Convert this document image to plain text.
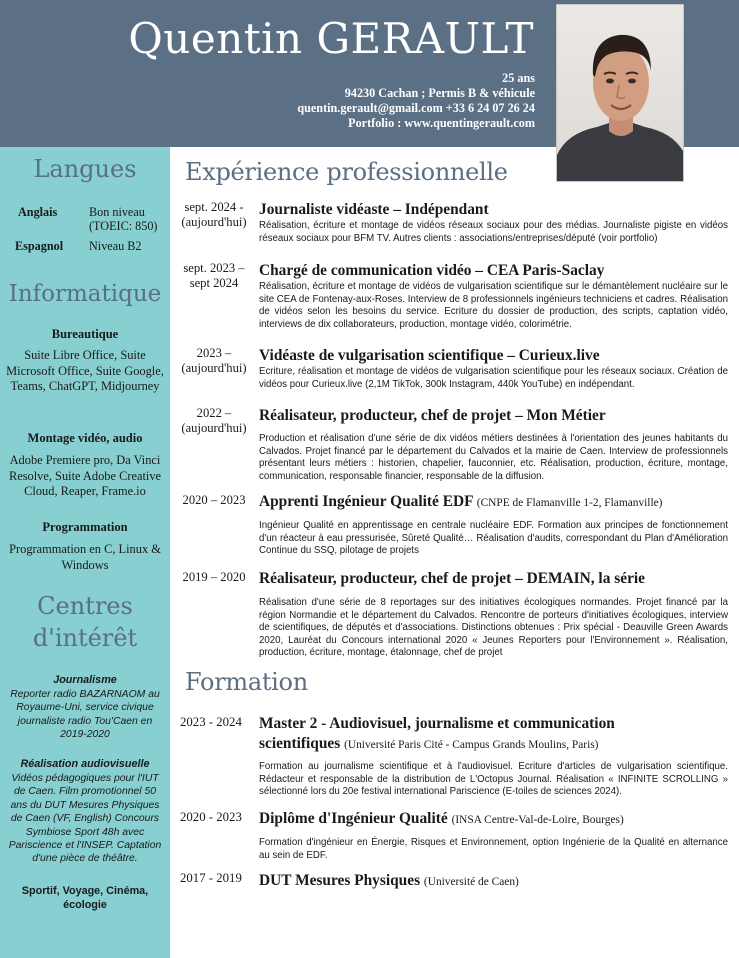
Quentin GERAULT
25 ans
94230 Cachan ; Permis B & véhicule
quentin.gerault@gmail.com +33 6 24 07 26 24
Portfolio : www.quentingerault.com
Langues
Anglais	Bon niveau (TOEIC: 850)
Espagnol Niveau B2
Informatique
Bureautique
Suite Libre Office, Suite Microsoft Office, Suite Google, Teams, ChatGPT, Midjourney
Montage vidéo, audio
Adobe Premiere pro, Da Vinci Resolve, Suite Adobe Creative Cloud, Reaper, Frame.io
Programmation
Programmation en C, Linux & Windows
Centres
d'intérêt
Journalisme
Reporter radio BAZARNAOM au Royaume-Uni, service civique journaliste radio Tou'Caen en 2019-2020
Réalisation audiovisuelle
Vidéos pédagogiques pour l'IUT de Caen. Film promotionnel 50 ans du DUT Mesures Physiques de Caen (VF, English) Concours Symbiose Sport 48h avec Pariscience et l'INSEP. Captation d'une pièce de théâtre.
Sportif, Voyage, Cinéma, écologie
Expérience professionnelle
sept. 2024 - (aujourd'hui)
Journaliste vidéaste – Indépendant
Réalisation, écriture et montage de vidéos réseaux sociaux pour des médias. Journaliste pigiste en vidéos réseaux sociaux pour BFM TV. Autres clients : associations/entreprises/député (voir portfolio)
sept. 2023 – sept 2024
Chargé de communication vidéo – CEA Paris-Saclay
Réalisation, écriture et montage de vidéos de vulgarisation scientifique sur le démantèlement nucléaire sur le site CEA de Fontenay-aux-Roses. Interview de 8 professionnels ingénieurs techniciens et cadres. Réalisation de vidéos selon les besoins du service. Ecriture du dossier de production, des scripts, captation vidéo, interviews de dix collaborateurs, production, montage vidéo, colorimétrie.
2023 – (aujourd'hui)
Vidéaste de vulgarisation scientifique – Curieux.live
Ecriture, réalisation et montage de vidéos de vulgarisation scientifique pour les réseaux sociaux. Création de vidéos pour Curieux.live (2,1M TikTok, 300k Instagram, 440k YouTube) en indépendant.
2022 – (aujourd'hui)
Réalisateur, producteur, chef de projet – Mon Métier
Production et réalisation d'une série de dix vidéos métiers destinées à l'orientation des jeunes habitants du Calvados. Projet financé par le département du Calvados et la mairie de Caen. Interview de professionnels présentant leurs métiers : historien, chapelier, fauconnier, etc. Réalisation, production, écriture, montage, communication, responsable financier, responsable de la diffusion.
2020 – 2023 Apprenti Ingénieur Qualité EDF (CNPE de Flamanville 1-2, Flamanville)
Ingénieur Qualité en apprentissage en centrale nucléaire EDF. Formation aux principes de fonctionnement d'un réacteur à eau pressurisée, Sûreté Qualité… Réalisation d'audits, correspondant du Plan d'Amélioration Continue du SSQ, pilotage de projets
2019 – 2020 Réalisateur, producteur, chef de projet – DEMAIN, la série
Réalisation d'une série de 8 reportages sur des initiatives écologiques normandes. Projet financé par la région Normandie et le département du Calvados. Rencontre de porteurs d'initiatives écologiques, interview de scientifiques, de députés et d'associations. Distinctions obtenues : Prix spécial - Deauville Green Awards 2020, Lauréat du Concours international 2020 « Jeunes Reporters pour l'Environnement ». Réalisation, production, écriture, montage, étalonnage, chef de projet
Formation
2023 - 2024 Master 2 - Audiovisuel, journalisme et communication
scientifiques (Université Paris Cité - Campus Grands Moulins, Paris)
Formation au journalisme scientifique et à l'audiovisuel. Ecriture d'articles de vulgarisation scientifique. Rédacteur et responsable de la distribution de L'Octopus Journal. Réalisation « INFINITE SCROLLING » sélectionné lors du 20e festival international Pariscience (E-toiles de sciences 2024).
2020 - 2023 Diplôme d'Ingénieur Qualité (INSA Centre-Val-de-Loire, Bourges)
Formation d'ingénieur en Énergie, Risques et Environnement, option Ingénierie de la Qualité en alternance au sein de EDF.
2017 - 2019 DUT Mesures Physiques (Université de Caen)
